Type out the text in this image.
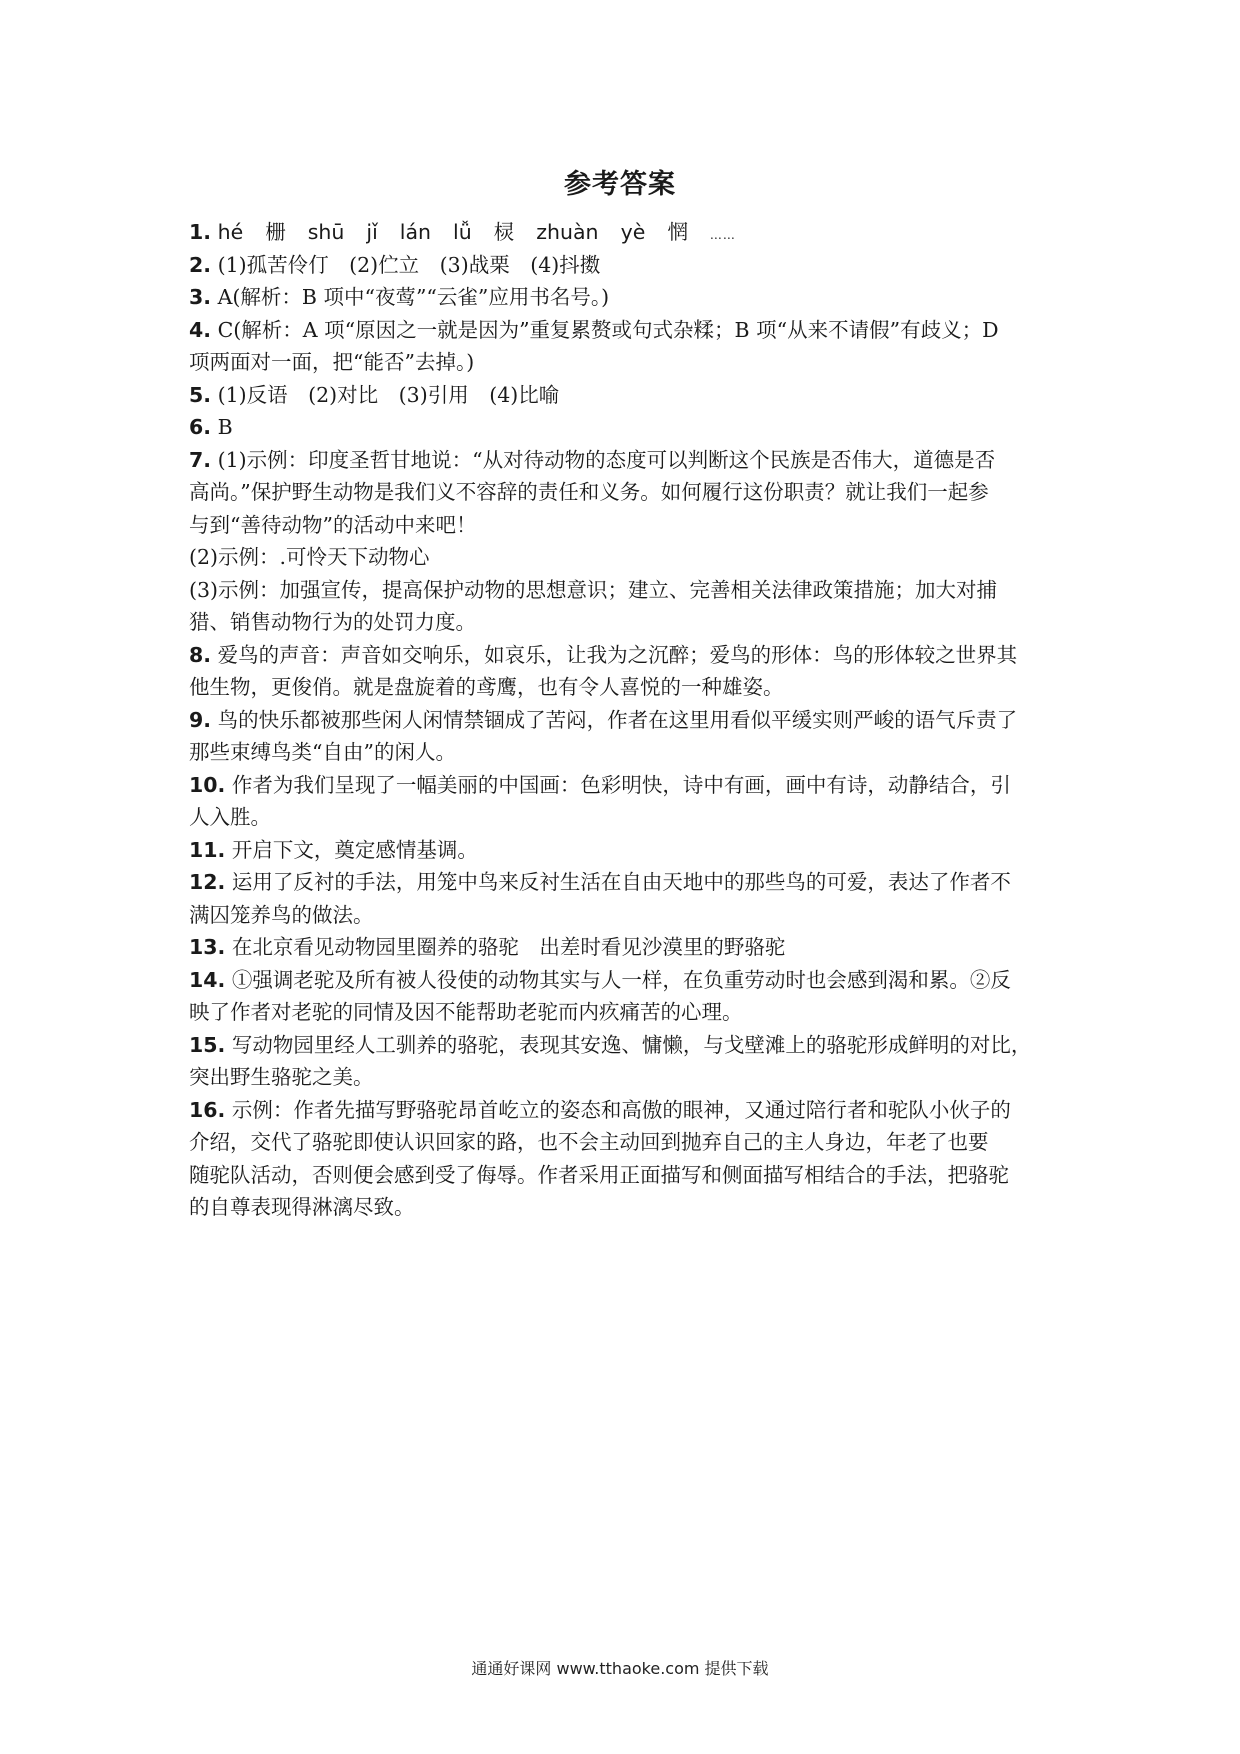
参考答案
1. hé 栅 shū jǐ lán lǚ 棂 zhuàn yè 惘 ……
2. (1)孤苦伶仃　(2)伫立　(3)战栗　(4)抖擞
3. A(解析：B 项中“夜莺”“云雀”应用书名号。)
4. C(解析：A 项“原因之一就是因为”重复累赘或句式杂糅；B 项“从来不请假”有歧义；D
项两面对一面，把“能否”去掉。)
5. (1)反语　(2)对比　(3)引用　(4)比喻
6. B
7. (1)示例：印度圣哲甘地说：“从对待动物的态度可以判断这个民族是否伟大，道德是否
高尚。”保护野生动物是我们义不容辞的责任和义务。如何履行这份职责？就让我们一起参
与到“善待动物”的活动中来吧！
(2)示例：.可怜天下动物心
(3)示例：加强宣传，提高保护动物的思想意识；建立、完善相关法律政策措施；加大对捕
猎、销售动物行为的处罚力度。
8. 爱鸟的声音：声音如交响乐，如哀乐，让我为之沉醉；爱鸟的形体：鸟的形体较之世界其
他生物，更俊俏。就是盘旋着的鸢鹰，也有令人喜悦的一种雄姿。
9. 鸟的快乐都被那些闲人闲情禁锢成了苦闷，作者在这里用看似平缓实则严峻的语气斥责了
那些束缚鸟类“自由”的闲人。
10. 作者为我们呈现了一幅美丽的中国画：色彩明快，诗中有画，画中有诗，动静结合，引
人入胜。
11. 开启下文，奠定感情基调。
12. 运用了反衬的手法，用笼中鸟来反衬生活在自由天地中的那些鸟的可爱，表达了作者不
满囚笼养鸟的做法。
13. 在北京看见动物园里圈养的骆驼　出差时看见沙漠里的野骆驼
14. ①强调老驼及所有被人役使的动物其实与人一样，在负重劳动时也会感到渴和累。②反
映了作者对老驼的同情及因不能帮助老驼而内疚痛苦的心理。
15. 写动物园里经人工驯养的骆驼，表现其安逸、慵懒，与戈壁滩上的骆驼形成鲜明的对比，
突出野生骆驼之美。
16. 示例：作者先描写野骆驼昂首屹立的姿态和高傲的眼神，又通过陪行者和驼队小伙子的
介绍，交代了骆驼即使认识回家的路，也不会主动回到抛弃自己的主人身边，年老了也要
随驼队活动，否则便会感到受了侮辱。作者采用正面描写和侧面描写相结合的手法，把骆驼
的自尊表现得淋漓尽致。
通通好课网 www.tthaoke.com 提供下载
